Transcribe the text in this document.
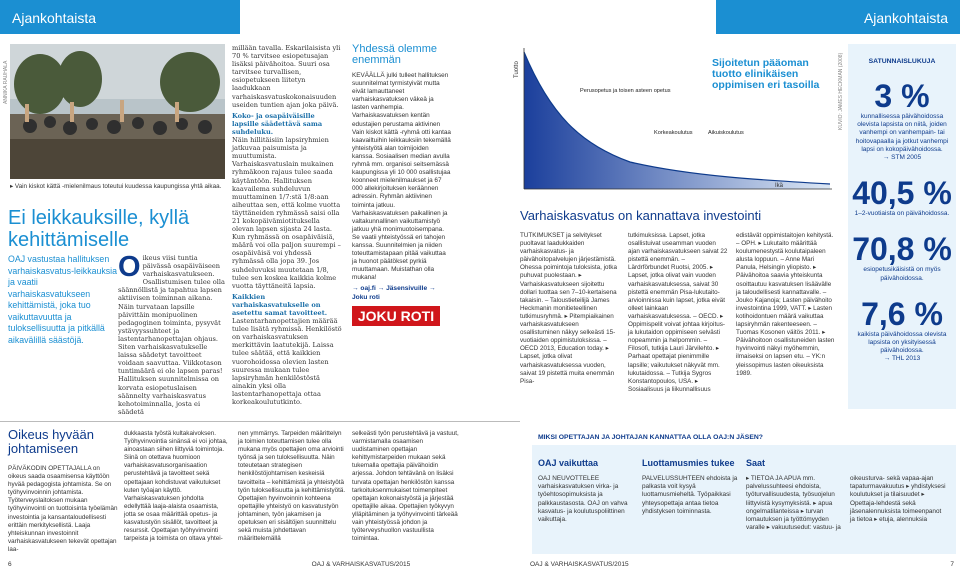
Ajankohtaista	Ajankohtaista
ANNIKA RAUHALA
▸ Vain kiskot kättä -mielenilmaus toteutui kuudessa kaupungissa yhtä aikaa.
Ei leikkauksille, kyllä kehittämiselle
OAJ vastustaa hallituksen varhaiskasvatus-leikkauksia ja vaatii varhaiskasvatukseen kehittämistä, joka tuo vaikuttavuutta ja tuloksellisuutta ja pitkällä aikavälillä säästöjä.
O ikeus viisi tuntia päivässä osapäiväiseen varhaiskasvatukseen. Osallistumisen tulee olla säännöllistä ja tapahtua lapsen aktiivisen toiminnan aikana. Näin turvataan lapsille päivittäin monipuolinen pedagoginen toiminta, pysyvät ystävyyssuhteet ja lastentarhanopettajan ohjaus. Siten varhaiskasvatukselle laissa säädetyt tavoitteet voidaan saavuttaa. Viikkotason tuntimäärä ei ole lapsen paras! Hallituksen suunnitelmissa on korvata esiopetuslaisen säännelty varhaiskasvatus kehotoiminnalla, josta ei säädetä
millään tavalla. Eskarilaisista yli 70 % tarvitsee esiopetusajan lisäksi päivähoitoa. Suuri osa tarvitsee turvallisen, esiopetukseen liitetyn laadukkaan varhaiskasvatuskokonaisuuden useiden tuntien ajan joka päivä.
Koko- ja osapäiväisille lapsille säädettävä sama suhdeluku.
Näin hillitäisiin lapsiryhmien jatkuvaa paisumista ja muuttumista. Varhaiskasvatuslain mukainen ryhmäkoon rajaus tulee saada käytäntöön. Hallituksen kaavailema suhdeluvun muuttaminen 1/7:stä 1/8:aan aiheuttaa sen, että kolme vuotta täyttäneiden ryhmässä saisi olla 21 kokopäivämiotituksella olevan lapsen sijasta 24 lasta. Kun ryhmässä on osapäiväisiä, määrä voi olla paljon suurempi – osapäiväisä voi yhdessä ryhmässä olla jopa 39. Jos suhdeluvuksi muutetaan 1/8, tulee sen koskea kaikkia kolme vuotta täyttäneitä lapsia.
Kaikkien varhaiskasvatukselle on asetettu samat tavoitteet.
Lastentarhanopettajien määrää tulee lisätä ryhmissä. Henkilöstö on varhaiskasvatuksen merkittävin laatutekijä. Laissa tulee säätää, että kaikkien vuorohoidossa olevien lasten suuressa mukaan tulee lapsiryhmän henkilöstöstä ainakin yksi olla lastentarhanopettaja ottaa korkeakoulututkinto.
Yhdessä olemme enemmän
KEVÄÄLLÄ julki tulleet hallituksen suunnitelmat tyrmistyivät mutta eivät lamauttaneet varhaiskasvatuksen väkeä ja lasten vanhempia. Varhaiskasvatuksen kentän edustajien perustama aktivinen Vain kiskot kättä -ryhmä otti kantaa kaavailtuihin leikkauksiin tekemällä yhteistyötä alan toimijoiden kanssa. Sosiaalisen median avulla ryhmä mm. organisoi seitsemässä kaupungissa yli 10 000 osallistujaa koonneet mielenilmaukset ja 67 000 allekirjoituksen keräännen adressin. Ryhmän aktiivinen toiminta jatkuu. Varhaiskasvatuksen paikallinen ja valtakunnallinen vaikuttamistyö jatkuu yhä monimuotoisempana. Se vaatii yhteistyössä eri tahojen kanssa. Suunnitelmien ja niiden toteuttamistapaan pitää vaikuttaa ja huonot päätökset pyrkiä muuttamaan. Muistathan olla mukana!
→ oaj.fi → Jäsensivuille → Joku roti
JOKU ROTI
Tuotto
Ikä
Varhaiskasvatus
Perusopetus ja toisen asteen opetus
Korkeakoulutus	Aikuiskoulutus
Sijoitetun pääoman tuotto elinikäisen oppimisen eri tasoilla	KUVIO: JAMES HECKMAN (2008)
Varhaiskasvatus on kannattava investointi
TUTKIMUKSET ja selvitykset puoltavat laadukkaiden varhaiskasvatus- ja päivähoitopalvelujen järjestämistä. Ohessa poimintoja tuloksista, jotka puhuvat puolestaan. ▸ Varhaiskasvatukseen sijoitettu dollari tuottaa sen 7–10-kertaisena takaisin. – Taloustieteilijä James Heckmanin monitieteellinen tutkimusryhmä. ▸ Pitempiaikainen varhaiskasvatukseen osallistuminen näkyy selkeästi 15-vuotiaiden oppimistuloksissa. – OECD 2013, Education today. ▸ Lapset, jotka olivat varhaiskasvatuksessa vuoden, saivat 19 pistettä muita enemmän Pisa-
tutkimuksissa. Lapset, jotka osallistuivat useamman vuoden ajan varhaiskasvatukseen saivat 22 pistettä enemmän. – Lärdrförbundet Ruotsi, 2005. ▸ Lapset, jotka olivat vain vuoden varhaiskasvatuksessa, saivat 30 pistettä enemmän Pisa-lukutaito-arvioinnissa kuin lapset, jotka eivät olleet lainkaan varhaiskasvatuksessa. – OECD. ▸ Oppimispelit voivat johtaa kirjoitus- ja lukutaidon oppimiseen selvästi nopeammin ja helpommin. – Filosofi, tutkija Lauri Järvilehto. ▸ Parhaat opettajat pienimmille lapsille; vaikutukset näkyvät mm. lukutaidossa. – Tutkija Sygros Konstantopoulos, USA. ▸ Sosiaalisuus ja liikunnallisuus
edistävät oppimistaitojen kehitystä. – OPH. ▸ Lukutaito määrittää koulumenestystä koulutaipaleen alusta loppuun. – Anne Mari Panula, Helsingin yliopisto. ▸ Päivähoitoa saavia yhteiskunta osoittautuu kasvatuksen lisäävälle ja taloudellisesti kannattavalle. – Jouko Kajanoja; Lasten päivähoito investointina 1999, VATT. ▸ Lasten kotihoidontuen määrä vaikuttaa lapsiryhmän rakenteeseen. – Tuomas Kosonen väitös 2011. ▸ Päivähoitoon osallistuneiden lasten hyvinvointi näkyi myöhemmin, ilmaiseksi on lapsen etu. – YK:n yleissopimus lasten oikeuksista 1989.
SATUNNAISLUKUJA
3 %
kunnallisessa päivähoidossa olevista lapsista on niitä, joiden vanhempi on vanhempain- tai hoitovapaalla ja jotkut vanhempi lapsi on kokopäivähoidossa.
→ STM 2005
40,5 %
1–2-vuotiaista on päivähoidossa.
70,8 %
esiopetusikäisistä on myös päivähoidossa.
7,6 %
kaikista päivähoidossa olevista lapsista on yksityisessä päivähoidossa.
→ THL 2013
Oikeus hyvään johtamiseen
PÄIVÄKODIN OPETTAJALLA on oikeus saada osaamisensa käyttöön hyvää pedagogista johtamista. Se on työhyvinvoinnin johtamista. Työterveyslaitoksen mukaan työhyvinvointi on tuottoisinta työelämän investointia ja kansantaloudellisesti erittäin merkityksellistä. Laaja yhteiskunnan investoinnit varhaiskasvatukseen tekevät opettajan laa-
dukkaasta työstä kultakaivoksen. Työhyvinvointia sinänsä ei voi johtaa, ainoastaan siihen liittyviä toimintoja. Siinä on otettava huomioon varhaiskasvatusorganisaation perustehtävä ja tavoitteet sekä opettajaan kohdistuvat vaikutukset kuten työajan käyttö. Varhaiskasvatuksen johdolta edellyttää laaja-alaista osaamista, jotta se osaa määrittää opetus- ja kasvatustyön sisällöt, tavoitteet ja resurssit. Opettajan työhyvinvointi tarpeista ja toimista on oltava yhtei-
nen ymmärrys. Tarpeiden määrittelyn ja toimien toteuttamisen tulee olla mukana myös opettajien oma arviointi työnsä ja sen tuloksellisuutta. Näin toteutetaan strategisen henkilöstöjohtamisen keskeisiä tavoitteita – kehittämistä ja yhteistyötä työn tuloksellisuutta ja kehittämistyötä. Opettajien hyvinvoinnin kohteena opettajille yhteistyö on kasvatustyön johtaminen, työn jakamisen ja opetuksen eri sisältöjen suunnittelu sekä muista johdettavan määrittelemällä
selkeästi työn perustehtävä ja vastuut, varmistamalla osaamisen uudistaminen opettajan kehittymistarpeiden mukaan sekä tukemalla opettajia päivähoidin arjessa. Johdon tehtävänä on lisäksi turvata opettajan henkilöstön kanssa tarkoituksenmukaiset toimenpiteet opettajan kokonaistyöstä ja järjestää opettajille aikaa. Opettajien työkyvyn ylläpitäminen ja työhyvinvointi tärkeää vain yhteistyössä johdon ja työterveyshuollon vastuullista toimintaa.
MIKSI OPETTAJAN JA JOHTAJAN KANNATTAA OLLA OAJ:N JÄSEN?
OAJ vaikuttaa
OAJ NEUVOTTELEE varhaiskasvatuksen virka- ja työehtosopimuksista ja palkkaustasosta. OAJ on vahva kasvatus- ja koulutuspoliittinen vaikuttaja.
Luottamusmies tukee
PALVELUSSUHTEEN ehdoista ja palkasta voit kysyä luottamusmieheltä. Työpaikkasi yhteysopettaja antaa tietoa yhdistyksen toiminnasta.
Saat
▸ TIETOA JA APUA mm. palvelussuhteesi ehdoista, työturvallisuudesta, työsuojelun liittyvistä kysymyksistä. ▸ apua ongelmatilanteissa ▸ turvan lomautuksen ja työttömyyden varalle ▸ vakuutusedut: vastuu- ja
oikeusturva- sekä vapaa-ajan tapaturmavakuutus ▸ yhdistyksesi koulutukset ja tilaisuudet ▸ Opettaja-lehdestä sekä jäsenalennuksista toimeenpanot ja tietoa ▸ etuja, alennuksia
6	OAJ & VARHAISKASVATUS/2015	OAJ & VARHAISKASVATUS/2015	7
